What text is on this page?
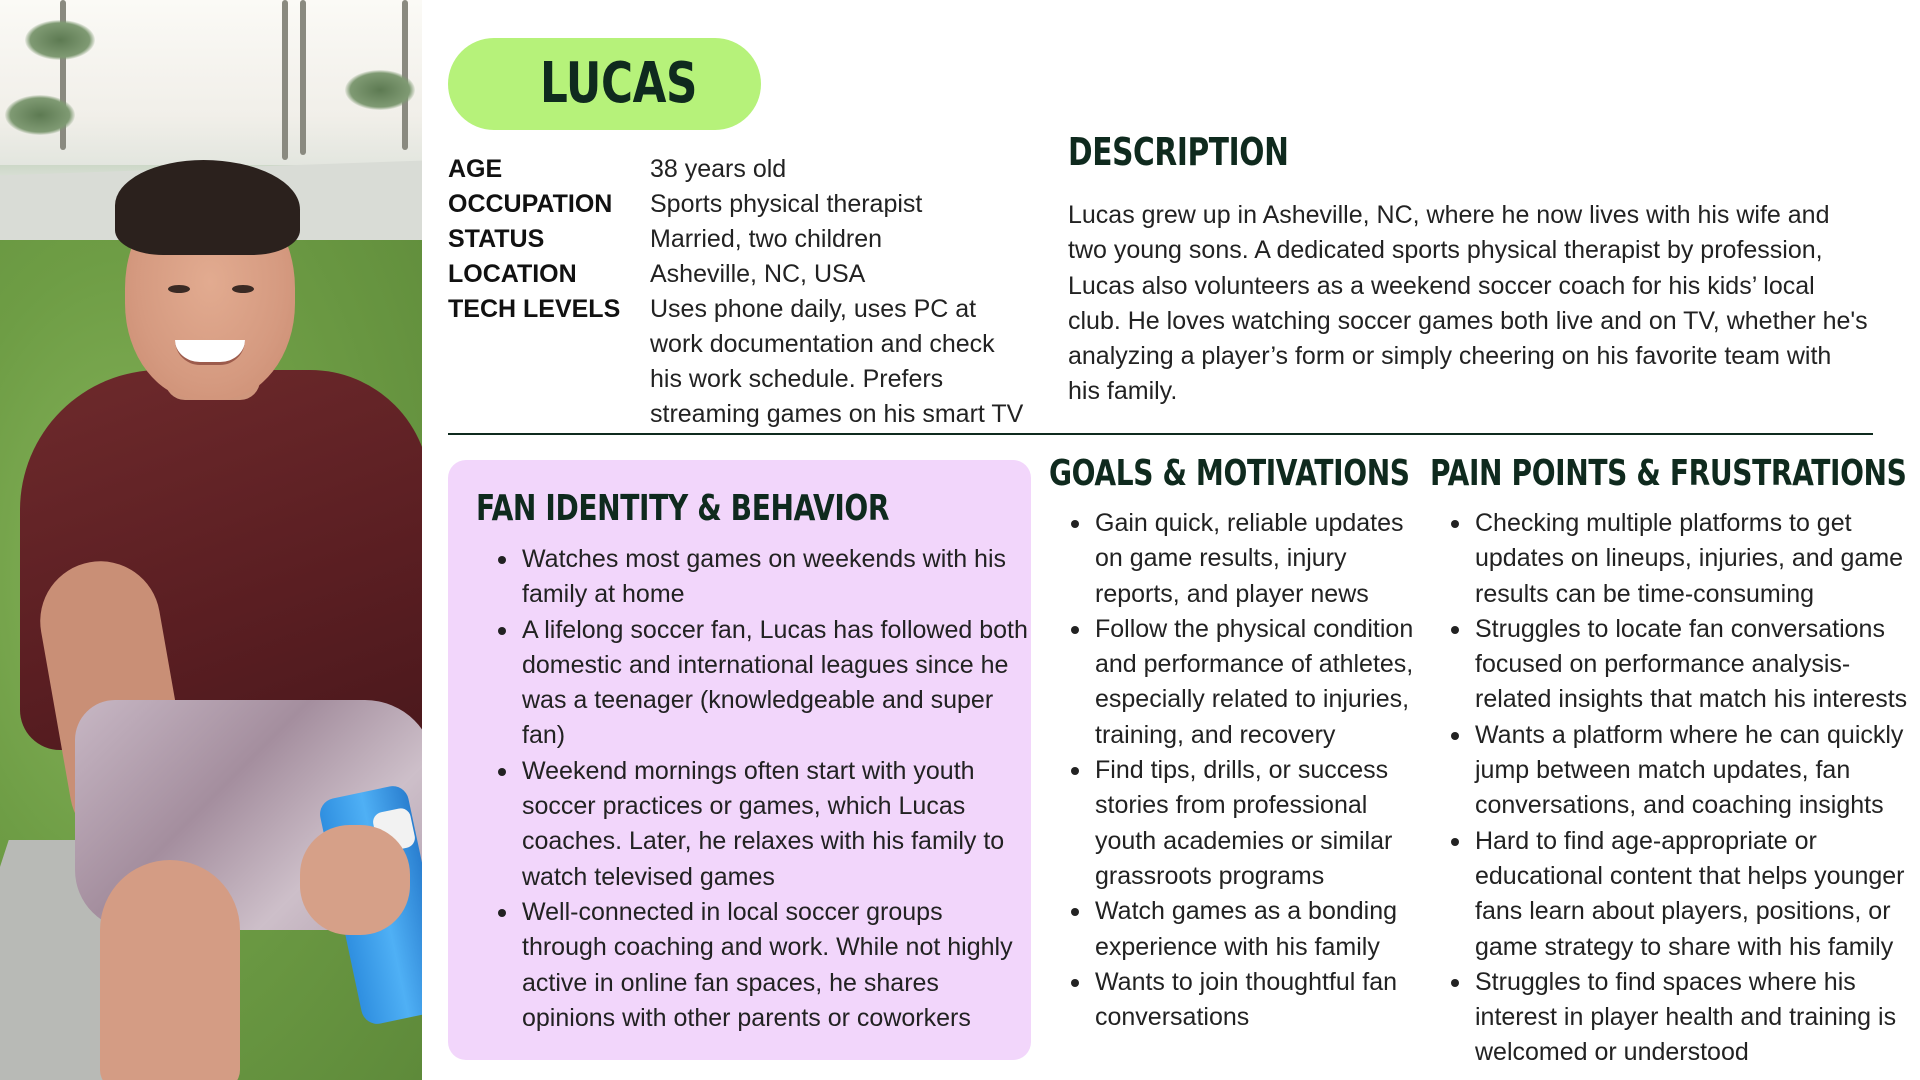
LUCAS
AGE	38 years old
OCCUPATION	Sports physical therapist
STATUS	Married, two children
LOCATION	Asheville, NC, USA
TECH LEVELS	Uses phone daily, uses PC at work documentation and check his work schedule. Prefers streaming games on his smart TV
DESCRIPTION
Lucas grew up in Asheville, NC, where he now lives with his wife and two young sons. A dedicated sports physical therapist by profession, Lucas also volunteers as a weekend soccer coach for his kids’ local club. He loves watching soccer games both live and on TV, whether he's analyzing a player’s form or simply cheering on his favorite team with his family.
FAN IDENTITY & BEHAVIOR
Watches most games on weekends with his family at home
A lifelong soccer fan, Lucas has followed both domestic and international leagues since he was a teenager (knowledgeable and super fan)
Weekend mornings often start with youth soccer practices or games, which Lucas coaches. Later, he relaxes with his family to watch televised games
Well-connected in local soccer groups through coaching and work. While not highly active in online fan spaces, he shares opinions with other parents or coworkers
GOALS & MOTIVATIONS
Gain quick, reliable updates on game results, injury reports, and player news
Follow the physical condition and performance of athletes, especially related to injuries, training, and recovery
Find tips, drills, or success stories from professional youth academies or similar grassroots programs
Watch games as a bonding experience with his family
Wants to join thoughtful fan conversations
PAIN POINTS & FRUSTRATIONS
Checking multiple platforms to get updates on lineups, injuries, and game results can be time-consuming
Struggles to locate fan conversations focused on performance analysis-related insights that match his interests
Wants a platform where he can quickly jump between match updates, fan conversations, and coaching insights
Hard to find age-appropriate or educational content that helps younger fans learn about players, positions, or game strategy to share with his family
Struggles to find spaces where his interest in player health and training is welcomed or understood
